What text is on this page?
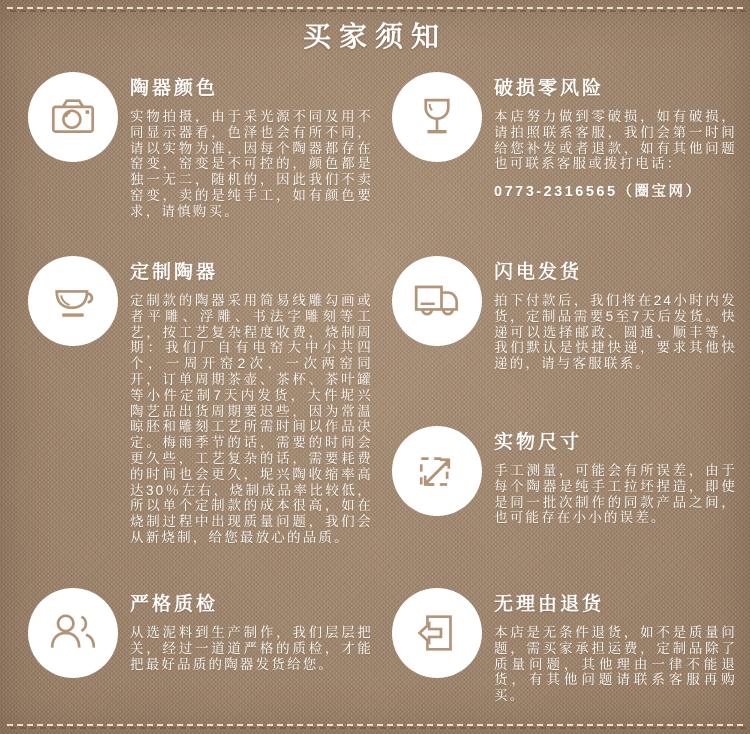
买家须知
陶器颜色
实物拍摄，由于采光源不同及用不同显示器看，色泽也会有所不同，请以实物为准，因每个陶器都存在窑变，窑变是不可控的，颜色都是独一无二，随机的，因此我们不卖窑变，卖的是纯手工，如有颜色要求，请慎购买。
破损零风险
本店努力做到零破损，如有破损，请拍照联系客服，我们会第一时间给您补发或者退款，如有其他问题也可联系客服或拨打电话：
0773-2316565（圈宝网）
定制陶器
定制款的陶器采用简易线雕勾画或者平雕、浮雕、书法字雕刻等工艺，按工艺复杂程度收费，烧制周期：我们厂自有电窑大中小共四个，一周开窑2次，一次两窑同开，订单周期茶壶、茶杯、茶叶罐等小件定制7天内发货，大件坭兴陶艺品出货周期要迟些，因为常温晾胚和雕刻工艺所需时间以作品决定。梅雨季节的话，需要的时间会更久些，工艺复杂的话，需要耗费的时间也会更久，坭兴陶收缩率高达30％左右，烧制成品率比较低，所以单个定制款的成本很高，如在烧制过程中出现质量问题，我们会从新烧制，给您最放心的品质。
闪电发货
拍下付款后，我们将在24小时内发货，定制品需要5至7天后发货。快递可以选择邮政、圆通、顺丰等，我们默认是快捷快递，要求其他快递的，请与客服联系。
实物尺寸
手工测量，可能会有所误差，由于每个陶器是纯手工拉坯捏造，即使是同一批次制作的同款产品之间，也可能存在小小的误差。
严格质检
从选泥料到生产制作，我们层层把关，经过一道道严格的质检，才能把最好品质的陶器发货给您。
无理由退货
本店是无条件退货，如不是质量问题，需买家承担运费，定制品除了质量问题，其他理由一律不能退货，有其他问题请联系客服再购买。
